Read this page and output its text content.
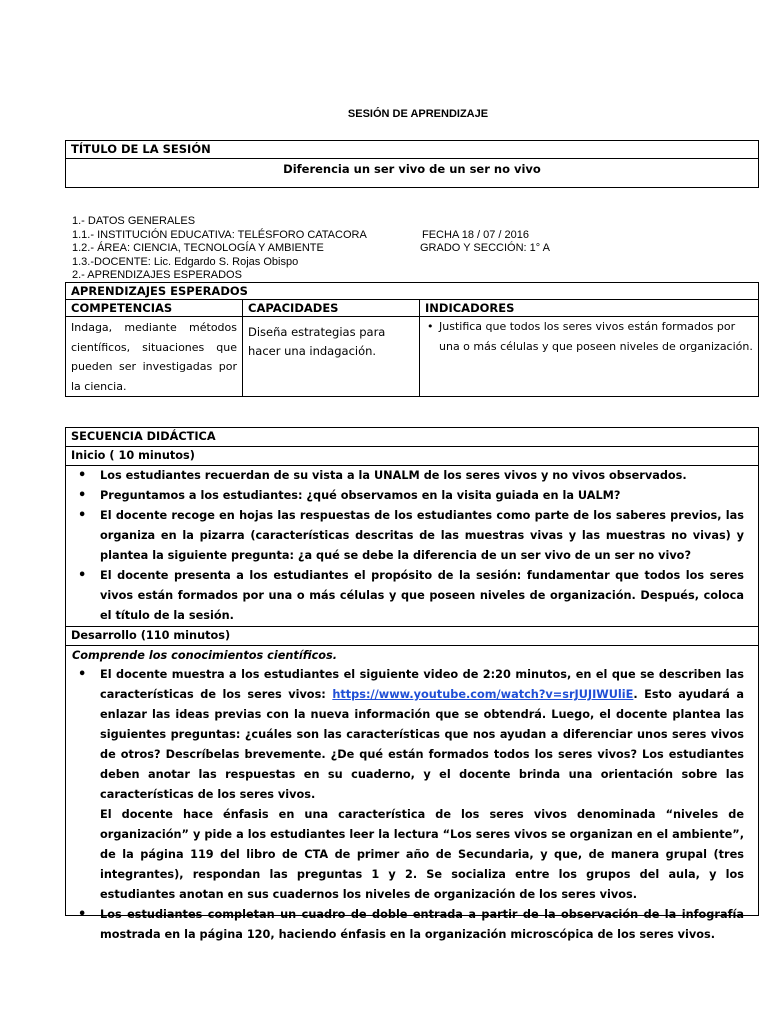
SESIÓN DE APRENDIZAJE
TÍTULO DE LA SESIÓN
Diferencia un ser vivo de un ser no vivo
1.- DATOS GENERALES
1.1.- INSTITUCIÓN EDUCATIVA: TELÉSFORO CATACORA	FECHA 18 / 07 / 2016
1.2.- ÁREA: CIENCIA, TECNOLOGÍA Y AMBIENTE	GRADO Y SECCIÓN: 1° A
1.3.-DOCENTE: Lic. Edgardo S. Rojas Obispo
2.- APRENDIZAJES ESPERADOS
APRENDIZAJES ESPERADOS		
COMPETENCIAS	CAPACIDADES	INDICADORES
Indaga, mediante métodos científicos, situaciones que pueden ser investigadas por la ciencia.	Diseña estrategias para hacer una indagación.	• Justifica que todos los seres vivos están formados por una o más células y que poseen niveles de organización.
SECUENCIA DIDÁCTICA
Inicio ( 10 minutos)
• Los estudiantes recuerdan de su vista a la UNALM de los seres vivos y no vivos observados.
• Preguntamos a los estudiantes: ¿qué observamos en la visita guiada en la UALM?
• El docente recoge en hojas las respuestas de los estudiantes como parte de los saberes previos, las organiza en la pizarra (características descritas de las muestras vivas y las muestras no vivas) y plantea la siguiente pregunta: ¿a qué se debe la diferencia de un ser vivo de un ser no vivo?
• El docente presenta a los estudiantes el propósito de la sesión: fundamentar que todos los seres vivos están formados por una o más células y que poseen niveles de organización. Después, coloca el título de la sesión.
Desarrollo (110 minutos)
Comprende los conocimientos científicos.
• El docente muestra a los estudiantes el siguiente video de 2:20 minutos, en el que se describen las características de los seres vivos: https://www.youtube.com/watch?v=srJUJIWUliE. Esto ayudará a enlazar las ideas previas con la nueva información que se obtendrá. Luego, el docente plantea las siguientes preguntas: ¿cuáles son las características que nos ayudan a diferenciar unos seres vivos de otros? Descríbelas brevemente. ¿De qué están formados todos los seres vivos? Los estudiantes deben anotar las respuestas en su cuaderno, y el docente brinda una orientación sobre las características de los seres vivos.
El docente hace énfasis en una característica de los seres vivos denominada “niveles de organización” y pide a los estudiantes leer la lectura “Los seres vivos se organizan en el ambiente”, de la página 119 del libro de CTA de primer año de Secundaria, y que, de manera grupal (tres integrantes), respondan las preguntas 1 y 2. Se socializa entre los grupos del aula, y los estudiantes anotan en sus cuadernos los niveles de organización de los seres vivos.
• Los estudiantes completan un cuadro de doble entrada a partir de la observación de la infografía mostrada en la página 120, haciendo énfasis en la organización microscópica de los seres vivos.
